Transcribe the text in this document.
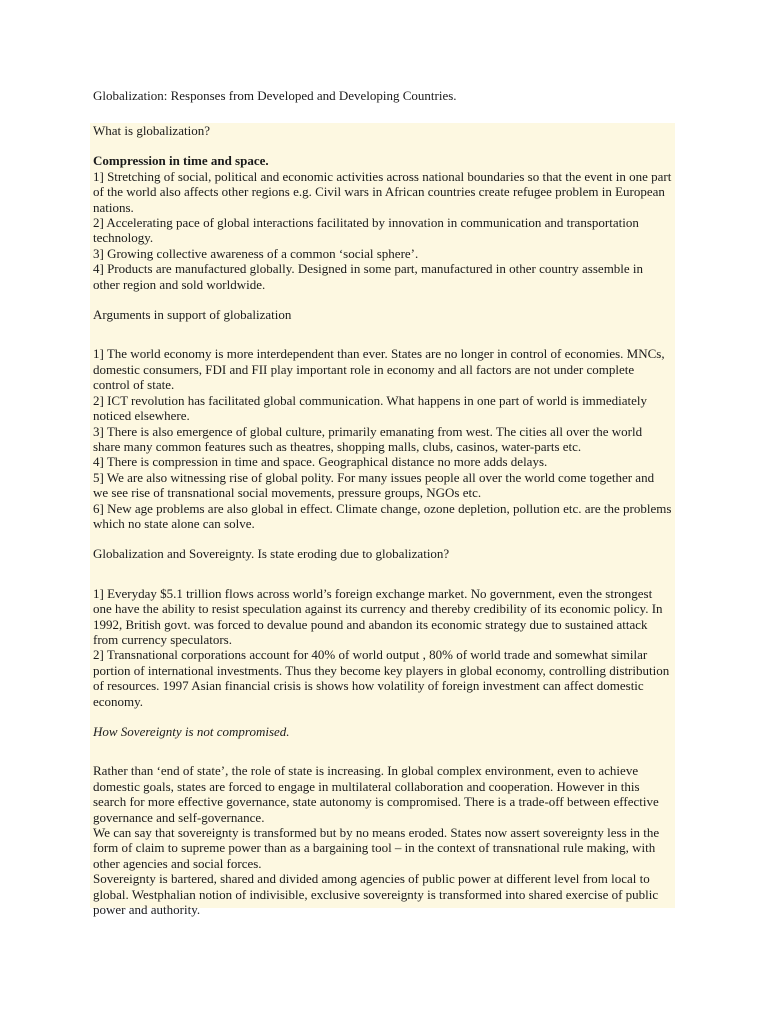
Globalization: Responses from Developed and Developing Countries.

What is globalization?

Compression in time and space.

1] Stretching of social, political and economic activities across national boundaries so that the event in one part of the world also affects other regions e.g. Civil wars in African countries create refugee problem in European nations.

2] Accelerating pace of global interactions facilitated by innovation in communication and transportation technology.

3] Growing collective awareness of a common ‘social sphere’.

4] Products are manufactured globally. Designed in some part, manufactured in other country assemble in other region and sold worldwide.

Arguments in support of globalization

1] The world economy is more interdependent than ever. States are no longer in control of economies. MNCs, domestic consumers, FDI and FII play important role in economy and all factors are not under complete control of state.

2] ICT revolution has facilitated global communication. What happens in one part of world is immediately noticed elsewhere.

3] There is also emergence of global culture, primarily emanating from west. The cities all over the world share many common features such as theatres, shopping malls, clubs, casinos, water-parts etc.

4] There is compression in time and space. Geographical distance no more adds delays.

5] We are also witnessing rise of global polity. For many issues people all over the world come together and we see rise of transnational social movements, pressure groups, NGOs etc.

6] New age problems are also global in effect. Climate change, ozone depletion, pollution etc. are the problems which no state alone can solve.

Globalization and Sovereignty. Is state eroding due to globalization?

1] Everyday $5.1 trillion flows across world’s foreign exchange market. No government, even the strongest one have the ability to resist speculation against its currency and thereby credibility of its economic policy. In 1992, British govt. was forced to devalue pound and abandon its economic strategy due to sustained attack from currency speculators.

2] Transnational corporations account for 40% of world output , 80% of world trade and somewhat similar portion of international investments. Thus they become key players in global economy, controlling distribution of resources. 1997 Asian financial crisis is shows how volatility of foreign investment can affect domestic economy.

How Sovereignty is not compromised.

Rather than ‘end of state’, the role of state is increasing. In global complex environment, even to achieve domestic goals, states are forced to engage in multilateral collaboration and cooperation. However in this search for more effective governance, state autonomy is compromised. There is a trade-off between effective governance and self-governance.

We can say that sovereignty is transformed but by no means eroded. States now assert sovereignty less in the form of claim to supreme power than as a bargaining tool – in the context of transnational rule making, with other agencies and social forces.

Sovereignty is bartered, shared and divided among agencies of public power at different level from local to global. Westphalian notion of indivisible, exclusive sovereignty is transformed into shared exercise of public power and authority.
